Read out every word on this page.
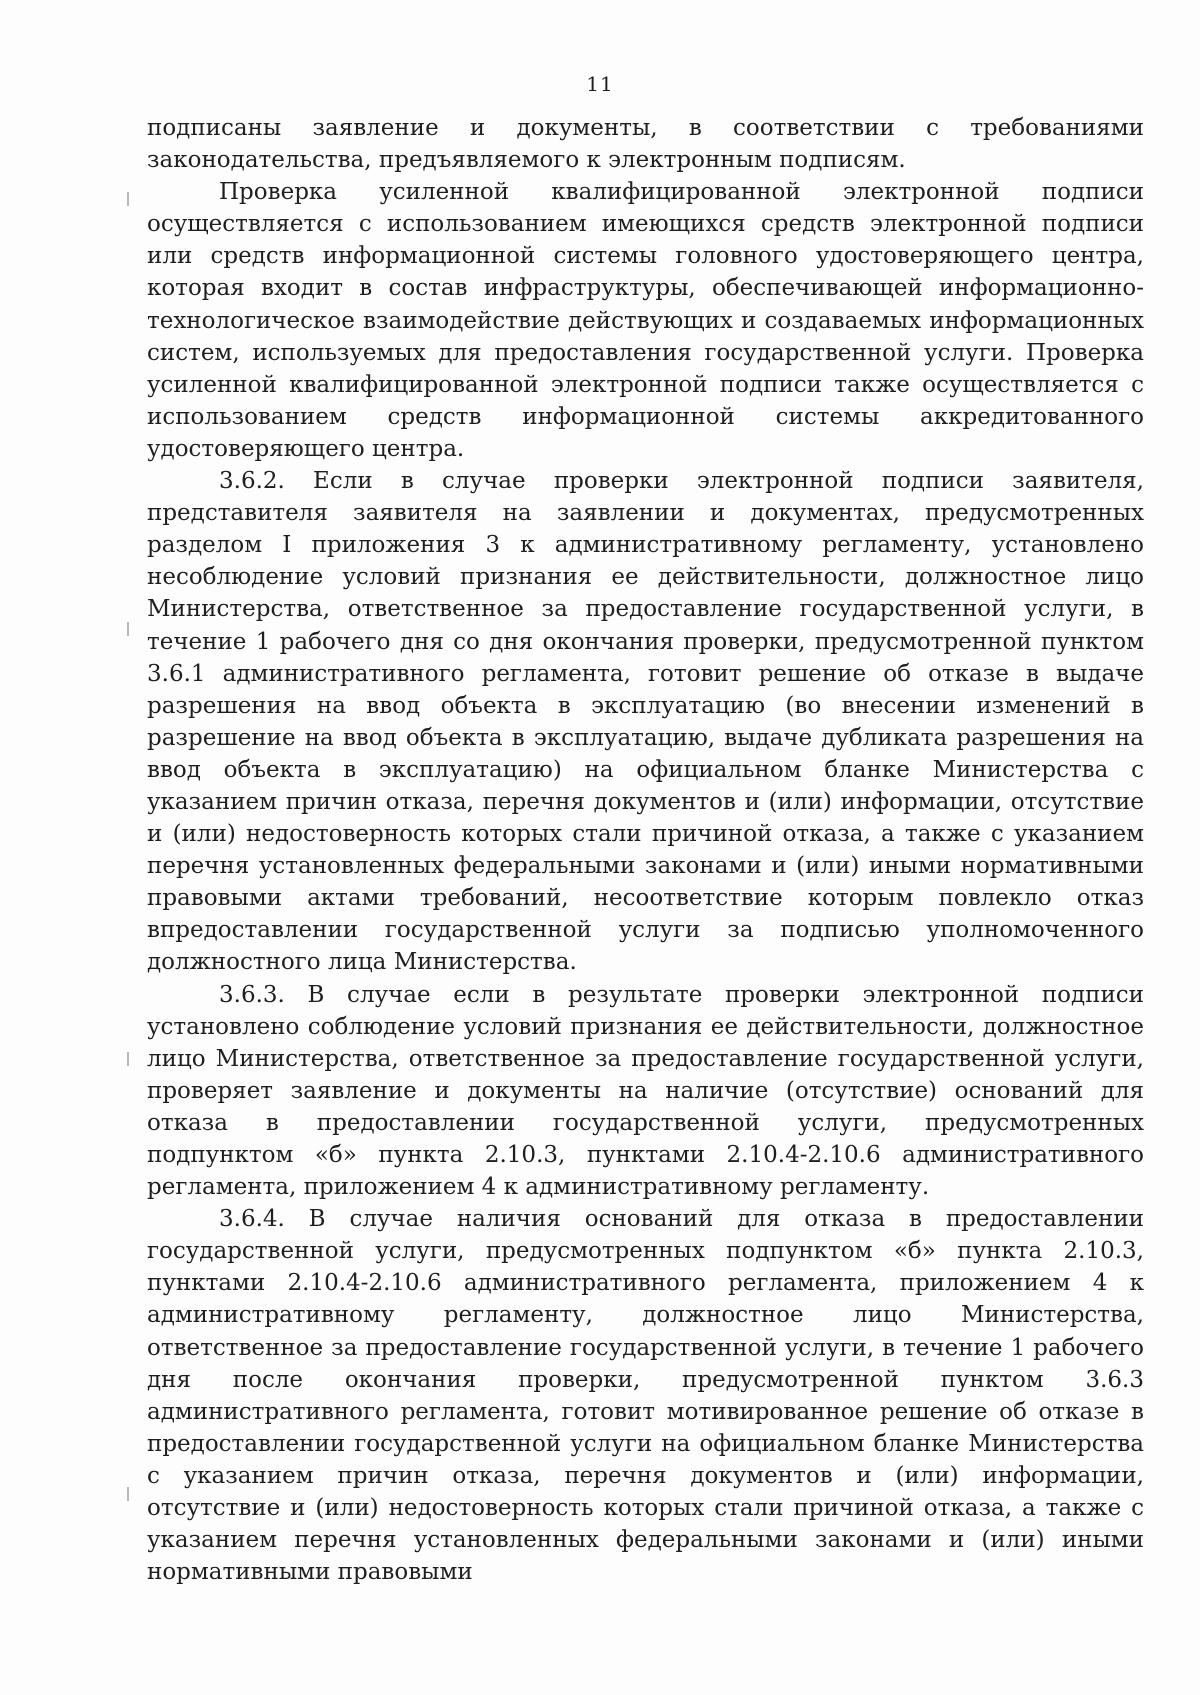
11

подписаны заявление и документы, в соответствии с требованиями законодательства, предъявляемого к электронным подписям.

Проверка усиленной квалифицированной электронной подписи осуществляется с использованием имеющихся средств электронной подписи или средств информационной системы головного удостоверяющего центра, которая входит в состав инфраструктуры, обеспечивающей информационно-технологическое взаимодействие действующих и создаваемых информационных систем, используемых для предоставления государственной услуги. Проверка усиленной квалифицированной электронной подписи также осуществляется с использованием средств информационной системы аккредитованного удостоверяющего центра.

3.6.2. Если в случае проверки электронной подписи заявителя, представителя заявителя на заявлении и документах, предусмотренных разделом I приложения 3 к административному регламенту, установлено несоблюдение условий признания ее действительности, должностное лицо Министерства, ответственное за предоставление государственной услуги, в течение 1 рабочего дня со дня окончания проверки, предусмотренной пунктом 3.6.1 административного регламента, готовит решение об отказе в выдаче разрешения на ввод объекта в эксплуатацию (во внесении изменений в разрешение на ввод объекта в эксплуатацию, выдаче дубликата разрешения на ввод объекта в эксплуатацию) на официальном бланке Министерства с указанием причин отказа, перечня документов и (или) информации, отсутствие и (или) недостоверность которых стали причиной отказа, а также с указанием перечня установленных федеральными законами и (или) иными нормативными правовыми актами требований, несоответствие которым повлекло отказ впредоставлении государственной услуги за подписью уполномоченного должностного лица Министерства.

3.6.3. В случае если в результате проверки электронной подписи установлено соблюдение условий признания ее действительности, должностное лицо Министерства, ответственное за предоставление государственной услуги, проверяет заявление и документы на наличие (отсутствие) оснований для отказа в предоставлении государственной услуги, предусмотренных подпунктом «б» пункта 2.10.3, пунктами 2.10.4-2.10.6 административного регламента, приложением 4 к административному регламенту.

3.6.4. В случае наличия оснований для отказа в предоставлении государственной услуги, предусмотренных подпунктом «б» пункта 2.10.3, пунктами 2.10.4-2.10.6 административного регламента, приложением 4 к административному регламенту, должностное лицо Министерства, ответственное за предоставление государственной услуги, в течение 1 рабочего дня после окончания проверки, предусмотренной пунктом 3.6.3 административного регламента, готовит мотивированное решение об отказе в предоставлении государственной услуги на официальном бланке Министерства с указанием причин отказа, перечня документов и (или) информации, отсутствие и (или) недостоверность которых стали причиной отказа, а также с указанием перечня установленных федеральными законами и (или) иными нормативными правовыми
